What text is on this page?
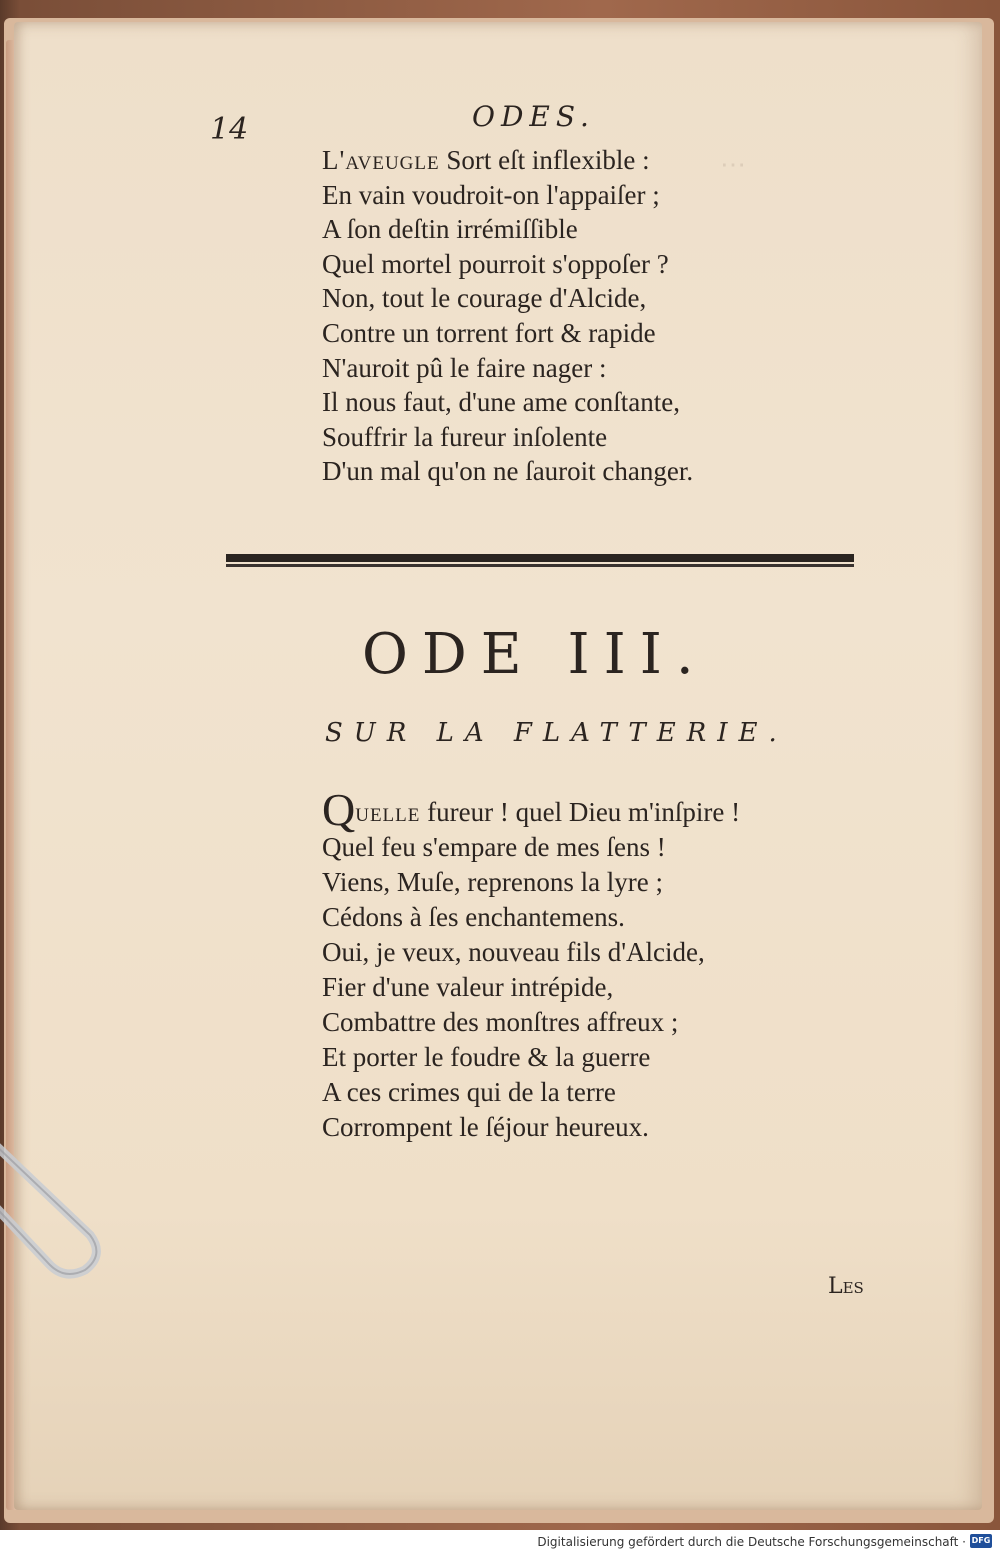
⋯
14	ODES.
L'aveugle Sort eſt inflexible :
En vain voudroit-on l'appaiſer ;
A ſon deſtin irrémiſſible
Quel mortel pourroit s'oppoſer ?
Non, tout le courage d'Alcide,
Contre un torrent fort & rapide
N'auroit pû le faire nager :
Il nous faut, d'une ame conſtante,
Souffrir la fureur inſolente
D'un mal qu'on ne ſauroit changer.
ODE III.
SUR LA FLATTERIE.
Quelle fureur ! quel Dieu m'inſpire !
Quel feu s'empare de mes ſens !
Viens, Muſe, reprenons la lyre ;
Cédons à ſes enchantemens.
Oui, je veux, nouveau fils d'Alcide,
Fier d'une valeur intrépide,
Combattre des monſtres affreux ;
Et porter le foudre & la guerre
A ces crimes qui de la terre
Corrompent le ſéjour heureux.
Les
Digitalisierung gefördert durch die Deutsche Forschungsgemeinschaft · DFG
